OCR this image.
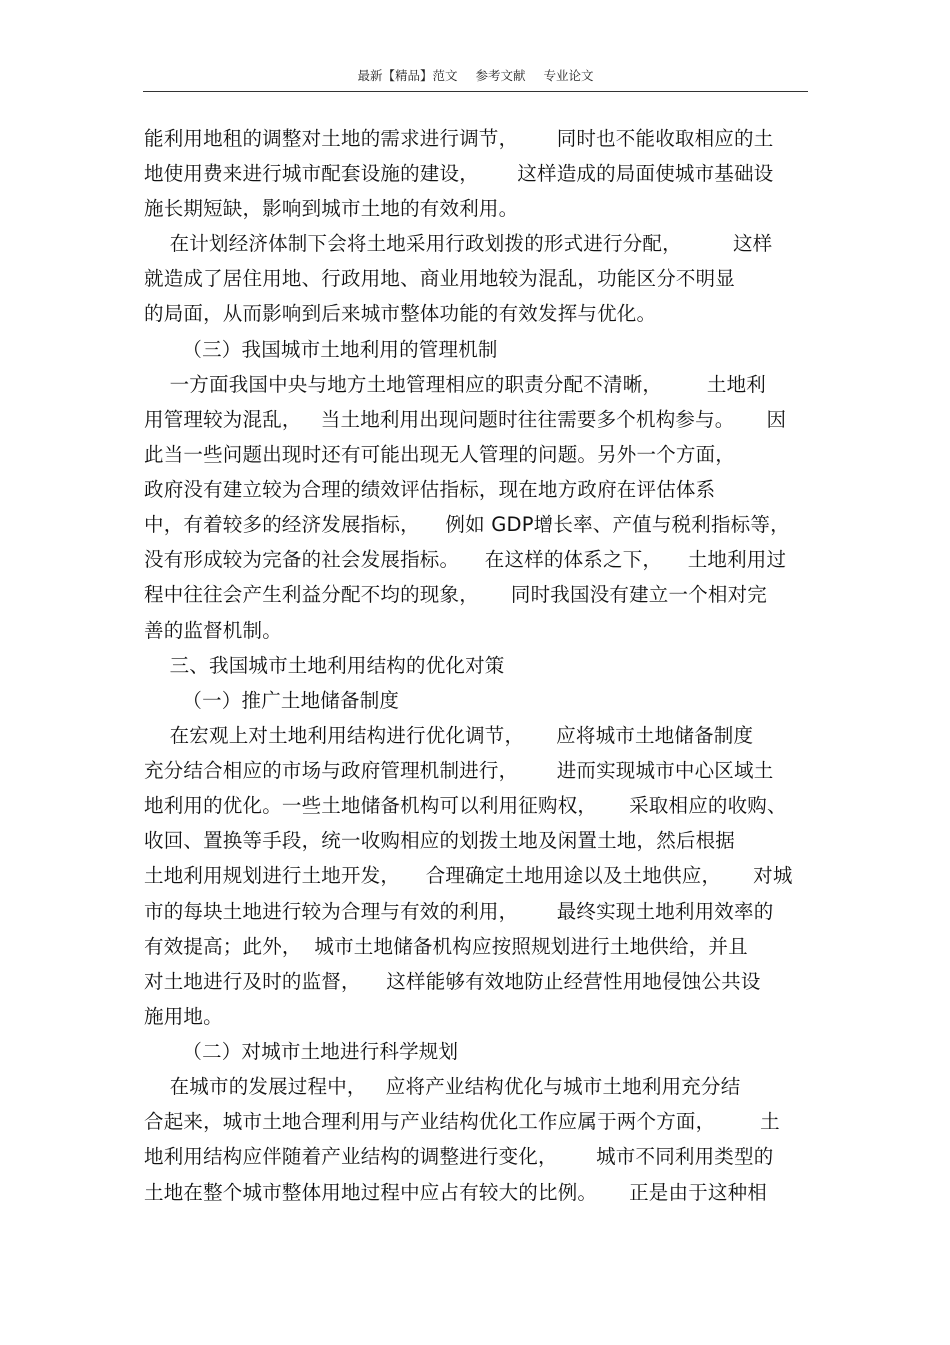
最新【精品】范文 参考文献 专业论文
能利用地租的调整对土地的需求进行调节，      同时也不能收取相应的土
地使用费来进行城市配套设施的建设，      这样造成的局面使城市基础设
施长期短缺，影响到城市土地的有效利用。
在计划经济体制下会将土地采用行政划拨的形式进行分配，        这样
就造成了居住用地、行政用地、商业用地较为混乱，功能区分不明显
的局面，从而影响到后来城市整体功能的有效发挥与优化。
（三）我国城市土地利用的管理机制
一方面我国中央与地方土地管理相应的职责分配不清晰，       土地利
用管理较为混乱，   当土地利用出现问题时往往需要多个机构参与。     因
此当一些问题出现时还有可能出现无人管理的问题。另外一个方面，
政府没有建立较为合理的绩效评估指标，现在地方政府在评估体系
中，有着较多的经济发展指标，    例如 GDP增长率、产值与税利指标等，
没有形成较为完备的社会发展指标。    在这样的体系之下，    土地利用过
程中往往会产生利益分配不均的现象，     同时我国没有建立一个相对完
善的监督机制。
三、我国城市土地利用结构的优化对策
（一）推广土地储备制度
在宏观上对土地利用结构进行优化调节，     应将城市土地储备制度
充分结合相应的市场与政府管理机制进行，      进而实现城市中心区域土
地利用的优化。一些土地储备机构可以利用征购权，     采取相应的收购、
收回、置换等手段，统一收购相应的划拨土地及闲置土地，然后根据
土地利用规划进行土地开发，    合理确定土地用途以及土地供应，     对城
市的每块土地进行较为合理与有效的利用，      最终实现土地利用效率的
有效提高；此外，  城市土地储备机构应按照规划进行土地供给，并且
对土地进行及时的监督，    这样能够有效地防止经营性用地侵蚀公共设
施用地。
（二）对城市土地进行科学规划
在城市的发展过程中，   应将产业结构优化与城市土地利用充分结
合起来，城市土地合理利用与产业结构优化工作应属于两个方面，       土
地利用结构应伴随着产业结构的调整进行变化，      城市不同利用类型的
土地在整个城市整体用地过程中应占有较大的比例。     正是由于这种相
